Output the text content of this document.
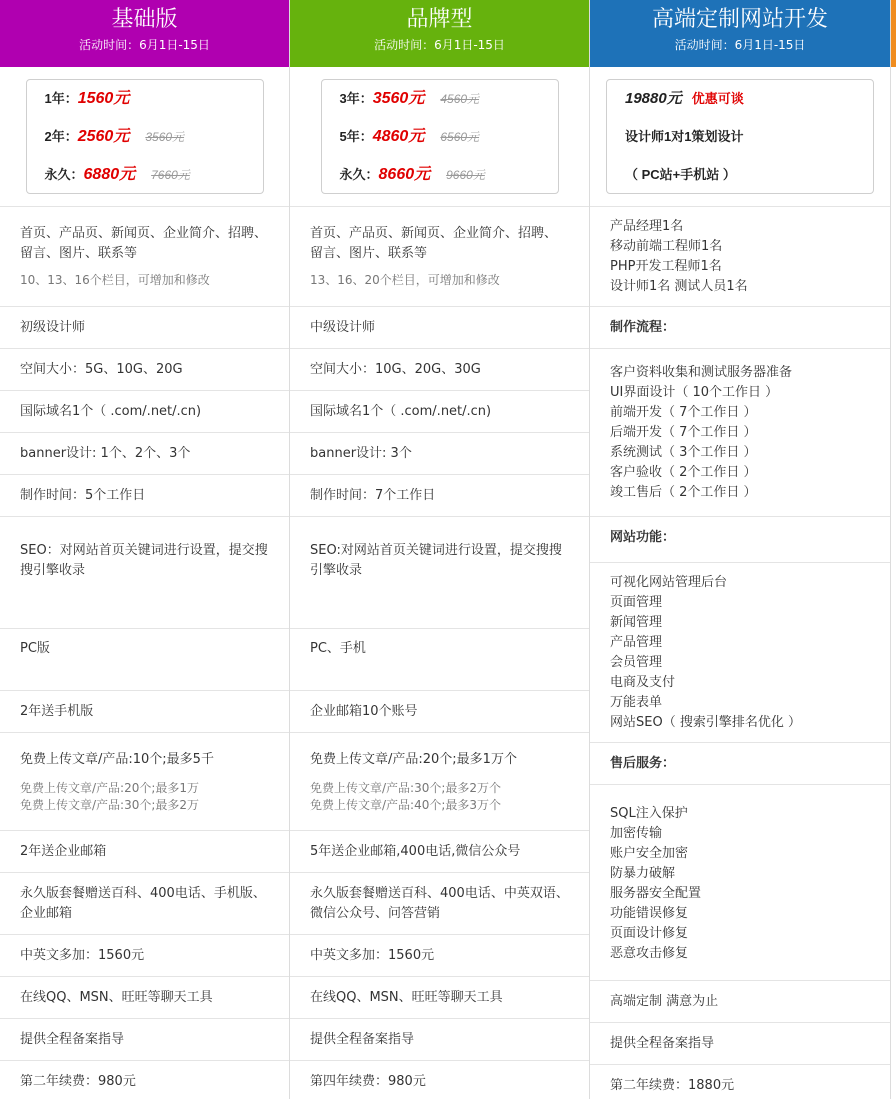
基础版
活动时间：6月1日-15日
1年：1560元
2年：2560元 3560元
永久：6880元 7660元
首页、产品页、新闻页、企业简介、招聘、留言、图片、联系等
10、13、16个栏目，可增加和修改
初级设计师
空间大小：5G、10G、20G
国际域名1个（ .com/.net/.cn)
banner设计: 1个、2个、3个
制作时间：5个工作日
SEO：对网站首页关键词进行设置，提交搜搜引擎收录
PC版
2年送手机版
免费上传文章/产品:10个;最多5千
免费上传文章/产品:20个;最多1万
免费上传文章/产品:30个;最多2万
2年送企业邮箱
永久版套餐赠送百科、400电话、手机版、企业邮箱
中英文多加：1560元
在线QQ、MSN、旺旺等聊天工具
提供全程备案指导
第二年续费：980元
品牌型
活动时间：6月1日-15日
3年：3560元 4560元
5年：4860元 6560元
永久：8660元 9660元
首页、产品页、新闻页、企业简介、招聘、留言、图片、联系等
13、16、20个栏目，可增加和修改
中级设计师
空间大小：10G、20G、30G
国际域名1个（ .com/.net/.cn)
banner设计: 3个
制作时间：7个工作日
SEO:对网站首页关键词进行设置，提交搜搜引擎收录
PC、手机
企业邮箱10个账号
免费上传文章/产品:20个;最多1万个
免费上传文章/产品:30个;最多2万个
免费上传文章/产品:40个;最多3万个
5年送企业邮箱,400电话,微信公众号
永久版套餐赠送百科、400电话、中英双语、微信公众号、问答营销
中英文多加：1560元
在线QQ、MSN、旺旺等聊天工具
提供全程备案指导
第四年续费：980元
高端定制网站开发
活动时间：6月1日-15日
19880元 优惠可谈
设计师1对1策划设计
（ PC站+手机站 ）
产品经理1名
移动前端工程师1名
PHP开发工程师1名
设计师1名 测试人员1名
制作流程：
客户资料收集和测试服务器准备
UI界面设计（ 10个工作日 ）
前端开发（ 7个工作日 ）
后端开发（ 7个工作日 ）
系统测试（ 3个工作日 ）
客户验收（ 2个工作日 ）
竣工售后（ 2个工作日 ）
网站功能：
可视化网站管理后台
页面管理
新闻管理
产品管理
会员管理
电商及支付
万能表单
网站SEO（ 搜索引擎排名优化 ）
售后服务：
SQL注入保护
加密传输
账户安全加密
防暴力破解
服务器安全配置
功能错误修复
页面设计修复
恶意攻击修复
高端定制 满意为止
提供全程备案指导
第二年续费：1880元
